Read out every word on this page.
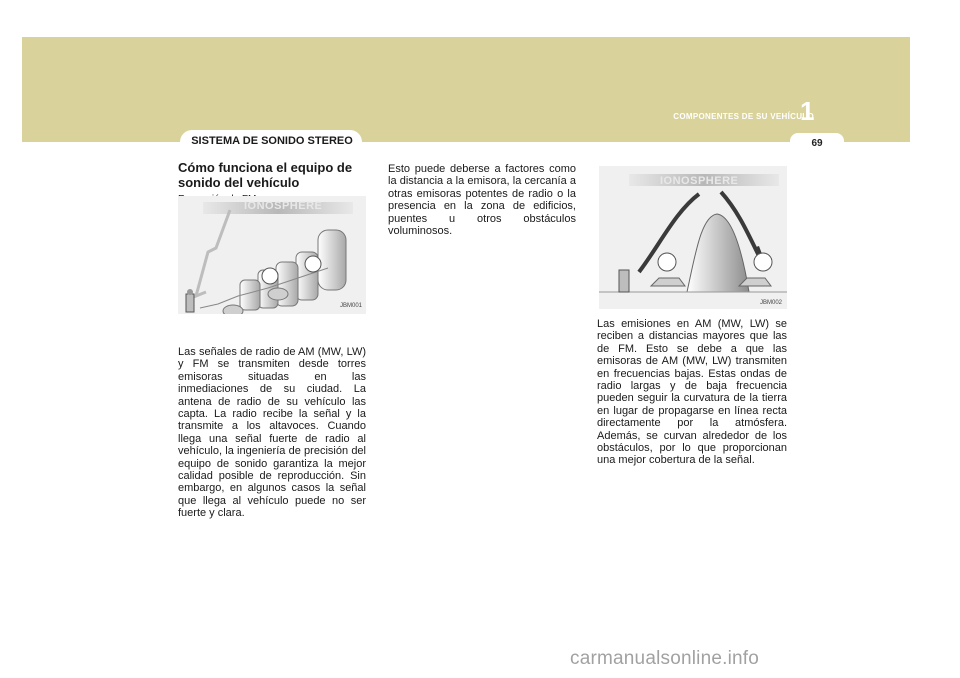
COMPONENTES DE SU VEHÍCULO
1
69
SISTEMA DE SONIDO STEREO
Cómo funciona el equipo de sonido del vehículo
IONOSPHERE
JBM001
Las señales de radio de AM (MW, LW) y FM se transmiten desde torres emisoras situadas en las inmediaciones de su ciudad. La antena de radio de su vehículo las capta. La radio recibe la señal y la transmite a los altavoces. Cuando llega una señal fuerte de radio al vehículo, la ingeniería de precisión del equipo de sonido garantiza la mejor calidad posible de reproducción. Sin embargo, en algunos casos la señal que llega al vehículo puede no ser fuerte y clara.
Esto puede deberse a factores como la distancia a la emisora, la cercanía a otras emisoras potentes de radio o la presencia en la zona de edificios, puentes u otros obstáculos voluminosos.
IONOSPHERE
JBM002
Las emisiones en AM (MW, LW) se reciben a distancias mayores que las de FM. Esto se debe a que las emisoras de AM (MW, LW) transmiten en frecuencias bajas. Estas ondas de radio largas y de baja frecuencia pueden seguir la curvatura de la tierra en lugar de propagarse en línea recta directamente por la atmósfera. Además, se curvan alrededor de los obstáculos, por lo que proporcionan una mejor cobertura de la señal.
carmanualsonline.info
